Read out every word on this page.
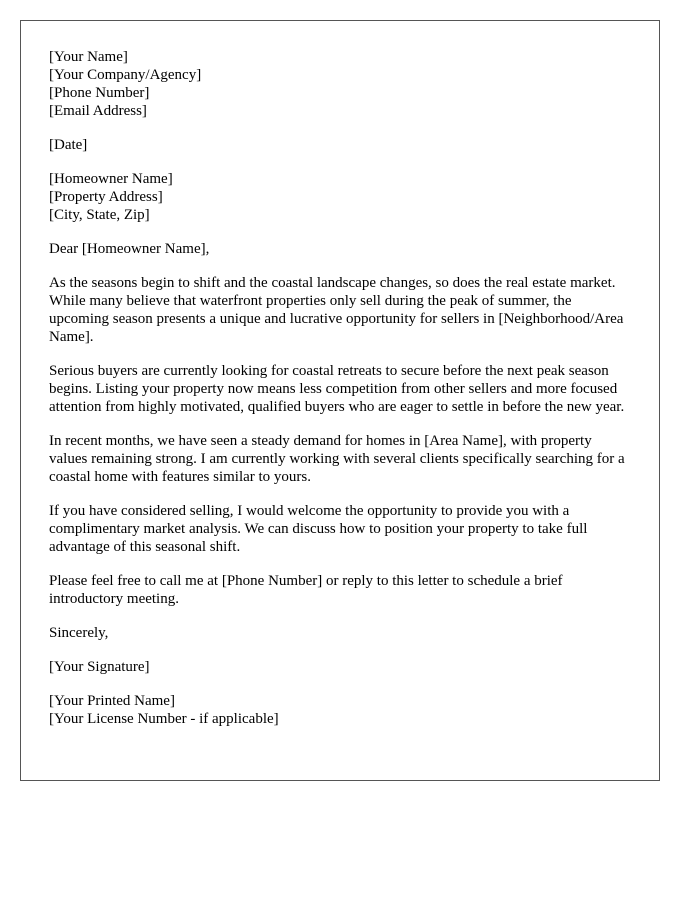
[Your Name]
[Your Company/Agency]
[Phone Number]
[Email Address]

[Date]

[Homeowner Name]
[Property Address]
[City, State, Zip]

Dear [Homeowner Name],

As the seasons begin to shift and the coastal landscape changes, so does the real estate market. While many believe that waterfront properties only sell during the peak of summer, the upcoming season presents a unique and lucrative opportunity for sellers in [Neighborhood/Area Name].

Serious buyers are currently looking for coastal retreats to secure before the next peak season begins. Listing your property now means less competition from other sellers and more focused attention from highly motivated, qualified buyers who are eager to settle in before the new year.

In recent months, we have seen a steady demand for homes in [Area Name], with property values remaining strong. I am currently working with several clients specifically searching for a coastal home with features similar to yours.

If you have considered selling, I would welcome the opportunity to provide you with a complimentary market analysis. We can discuss how to position your property to take full advantage of this seasonal shift.

Please feel free to call me at [Phone Number] or reply to this letter to schedule a brief introductory meeting.

Sincerely,

[Your Signature]

[Your Printed Name]
[Your License Number - if applicable]
